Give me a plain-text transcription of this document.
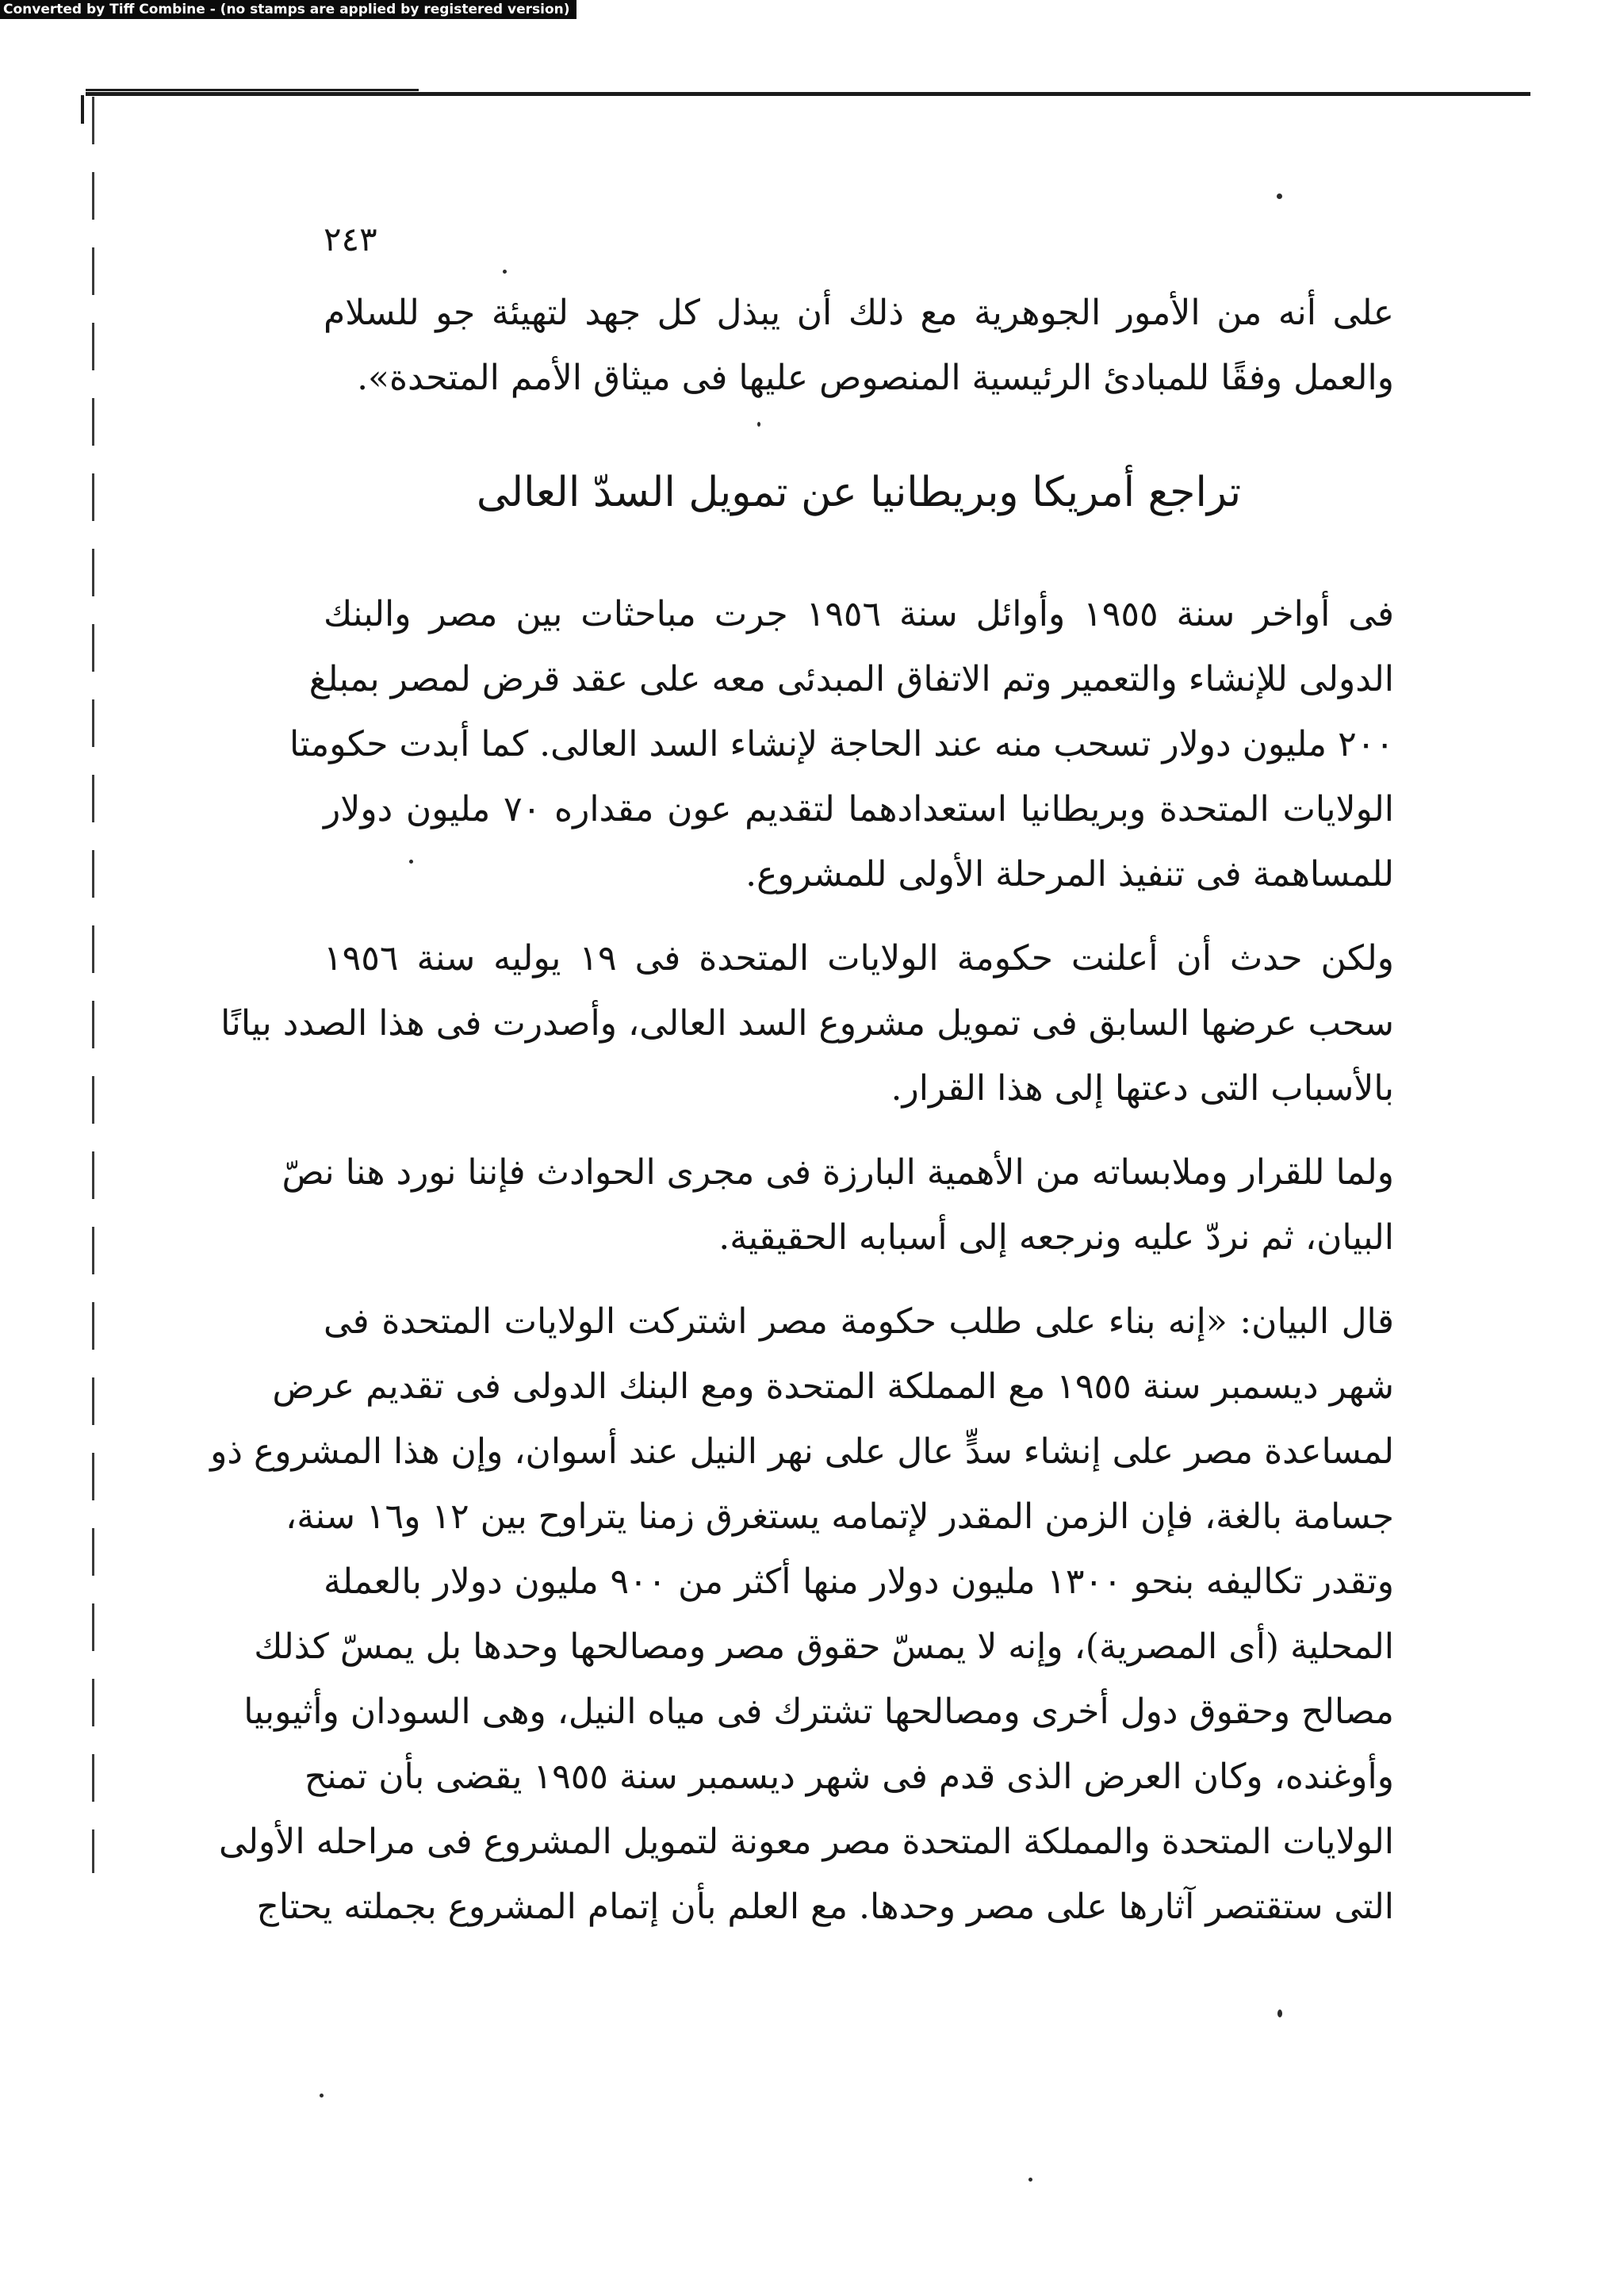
Converted by Tiff Combine - (no stamps are applied by registered version)
٢٤٣
على أنه من الأمور الجوهرية مع ذلك أن يبذل كل جهد لتهيئة جو للسلام
والعمل وفقًا للمبادئ الرئيسية المنصوص عليها فى ميثاق الأمم المتحدة».
تراجع أمريكا وبريطانيا عن تمويل السدّ العالى
فى أواخر سنة ١٩٥٥ وأوائل سنة ١٩٥٦ جرت مباحثات بين مصر والبنك
الدولى للإنشاء والتعمير وتم الاتفاق المبدئى معه على عقد قرض لمصر بمبلغ
٢٠٠ مليون دولار تسحب منه عند الحاجة لإنشاء السد العالى. كما أبدت حكومتا
الولايات المتحدة وبريطانيا استعدادهما لتقديم عون مقداره ٧٠ مليون دولار
للمساهمة فى تنفيذ المرحلة الأولى للمشروع.
ولكن حدث أن أعلنت حكومة الولايات المتحدة فى ١٩ يوليه سنة ١٩٥٦
سحب عرضها السابق فى تمويل مشروع السد العالى، وأصدرت فى هذا الصدد بيانًا
بالأسباب التى دعتها إلى هذا القرار.
ولما للقرار وملابساته من الأهمية البارزة فى مجرى الحوادث فإننا نورد هنا نصّ
البيان، ثم نردّ عليه ونرجعه إلى أسبابه الحقيقية.
قال البيان: «إنه بناء على طلب حكومة مصر اشتركت الولايات المتحدة فى
شهر ديسمبر سنة ١٩٥٥ مع المملكة المتحدة ومع البنك الدولى فى تقديم عرض
لمساعدة مصر على إنشاء سدٍّ عال على نهر النيل عند أسوان، وإن هذا المشروع ذو
جسامة بالغة، فإن الزمن المقدر لإتمامه يستغرق زمنا يتراوح بين ١٢ و١٦ سنة،
وتقدر تكاليفه بنحو ١٣٠٠ مليون دولار منها أكثر من ٩٠٠ مليون دولار بالعملة
المحلية (أى المصرية)، وإنه لا يمسّ حقوق مصر ومصالحها وحدها بل يمسّ كذلك
مصالح وحقوق دول أخرى ومصالحها تشترك فى مياه النيل، وهى السودان وأثيوبيا
وأوغنده، وكان العرض الذى قدم فى شهر ديسمبر سنة ١٩٥٥ يقضى بأن تمنح
الولايات المتحدة والمملكة المتحدة مصر معونة لتمويل المشروع فى مراحله الأولى
التى ستقتصر آثارها على مصر وحدها. مع العلم بأن إتمام المشروع بجملته يحتاج
